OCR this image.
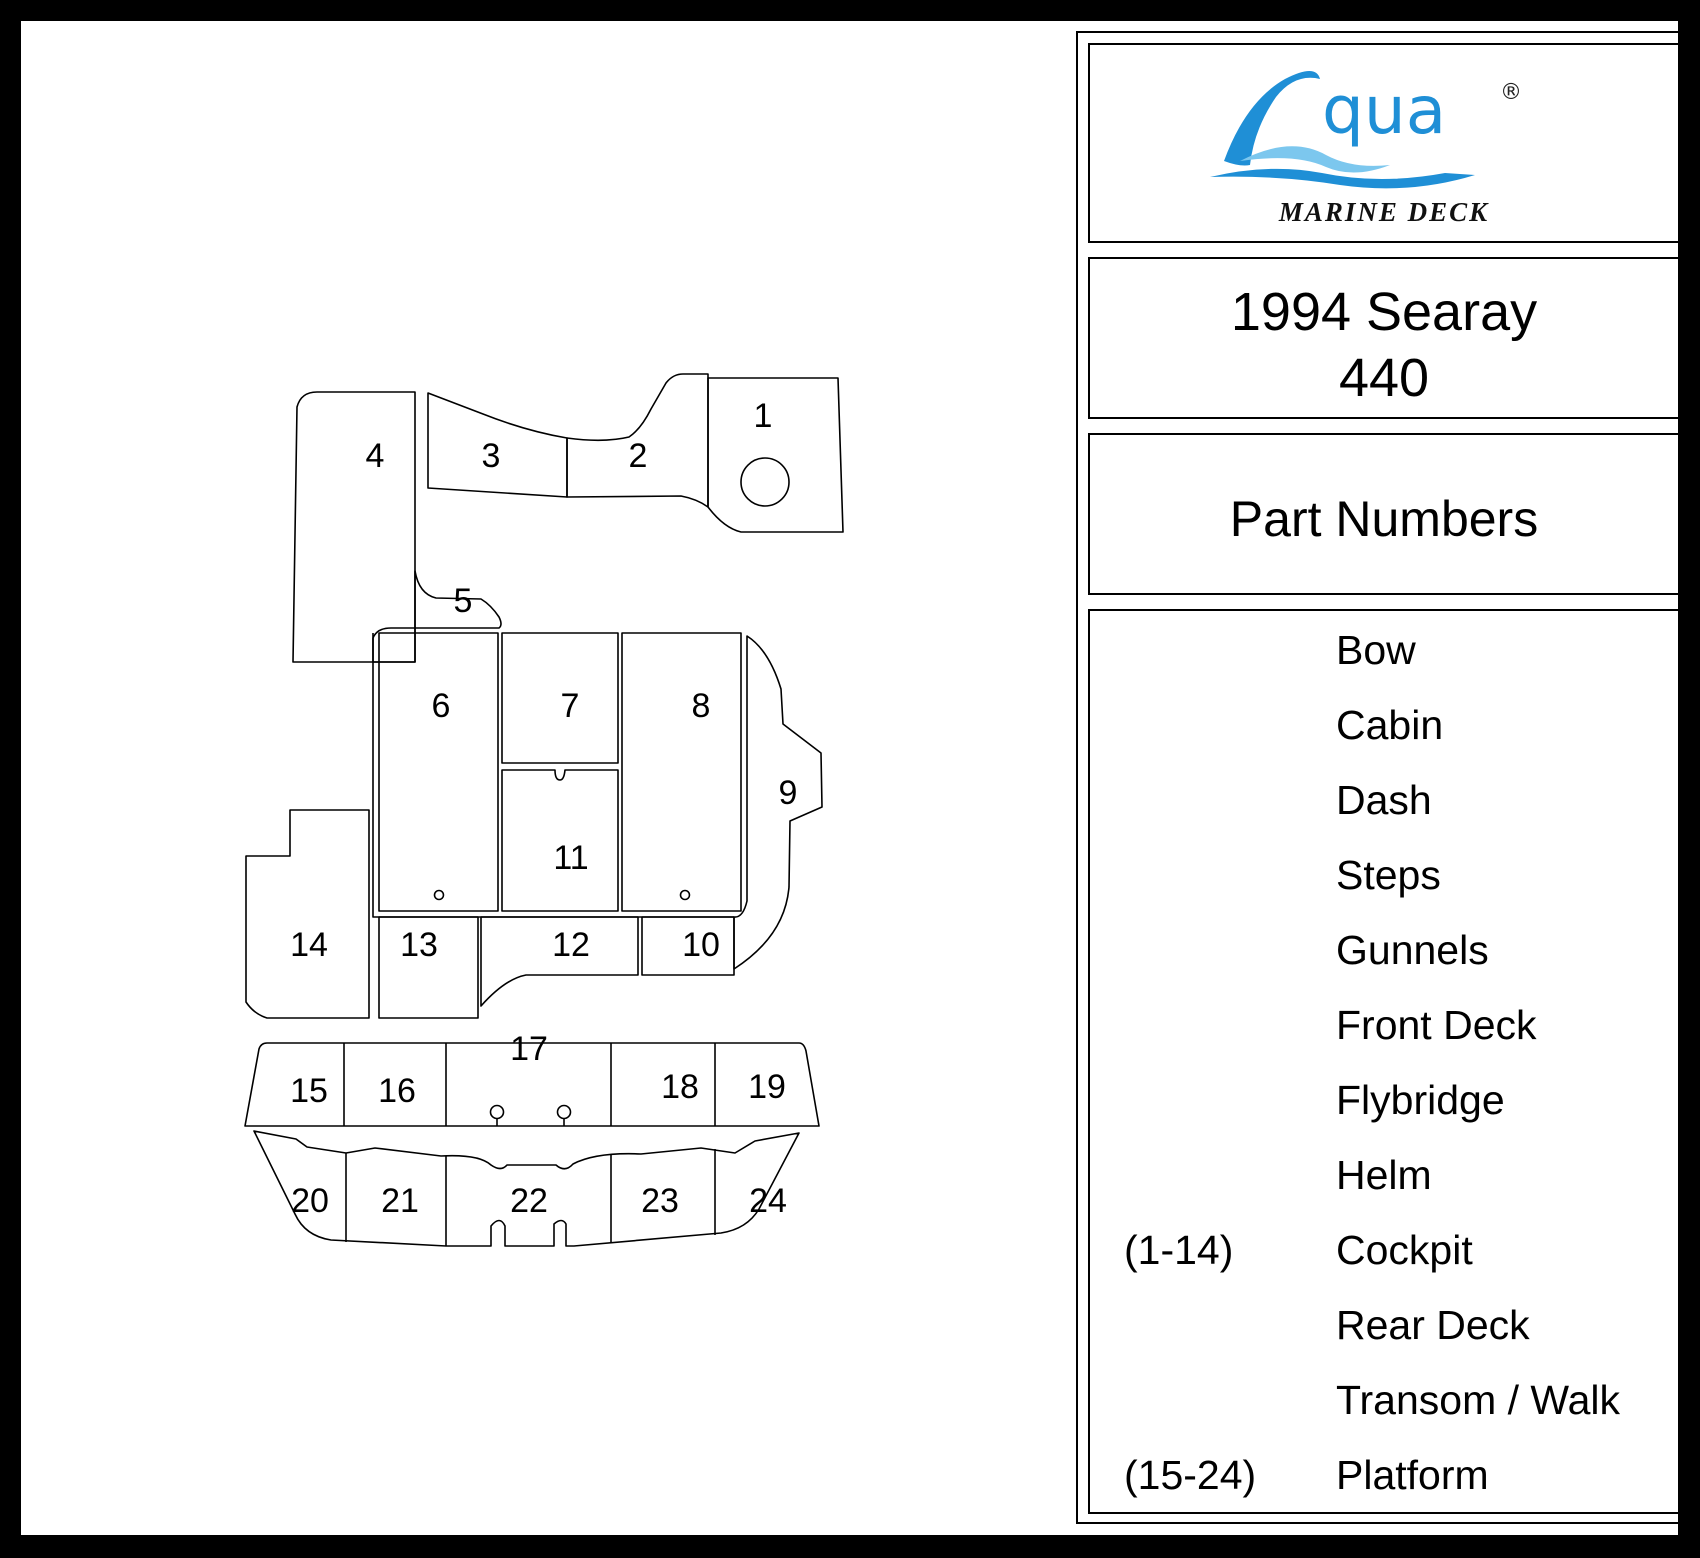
1
2
3
4
5
6	7	8
9
10
11
12
13
14
15 16
17
18 19
20 21	22	23 24
qua ®
MARINE DECK
1994 Searay
440
Part Numbers
Bow
Cabin
Dash
Steps
Gunnels
Front Deck
Flybridge
Helm
(1-14)	Cockpit
Rear Deck
Transom / Walk
(15-24) Platform
